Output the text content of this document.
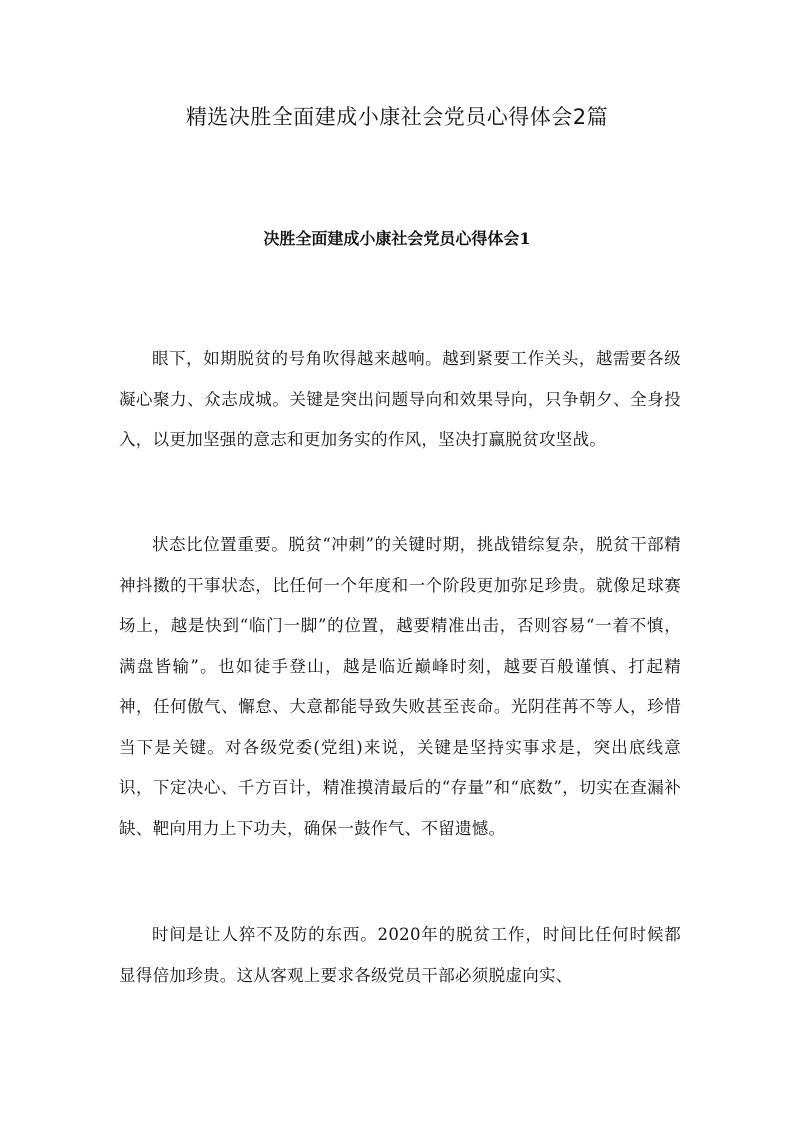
精选决胜全面建成小康社会党员心得体会2篇
决胜全面建成小康社会党员心得体会1

眼下，如期脱贫的号角吹得越来越响。越到紧要工作关头，越需要各级凝心聚力、众志成城。关键是突出问题导向和效果导向，只争朝夕、全身投入，以更加坚强的意志和更加务实的作风，坚决打赢脱贫攻坚战。

状态比位置重要。脱贫“冲刺”的关键时期，挑战错综复杂，脱贫干部精神抖擞的干事状态，比任何一个年度和一个阶段更加弥足珍贵。就像足球赛场上，越是快到“临门一脚”的位置，越要精准出击，否则容易“一着不慎，满盘皆输”。也如徒手登山，越是临近巅峰时刻，越要百般谨慎、打起精神，任何傲气、懈怠、大意都能导致失败甚至丧命。光阴荏苒不等人，珍惜当下是关键。对各级党委(党组)来说，关键是坚持实事求是，突出底线意识，下定决心、千方百计，精准摸清最后的“存量”和“底数”，切实在查漏补缺、靶向用力上下功夫，确保一鼓作气、不留遗憾。

时间是让人猝不及防的东西。2020年的脱贫工作，时间比任何时候都显得倍加珍贵。这从客观上要求各级党员干部必须脱虚向实、
